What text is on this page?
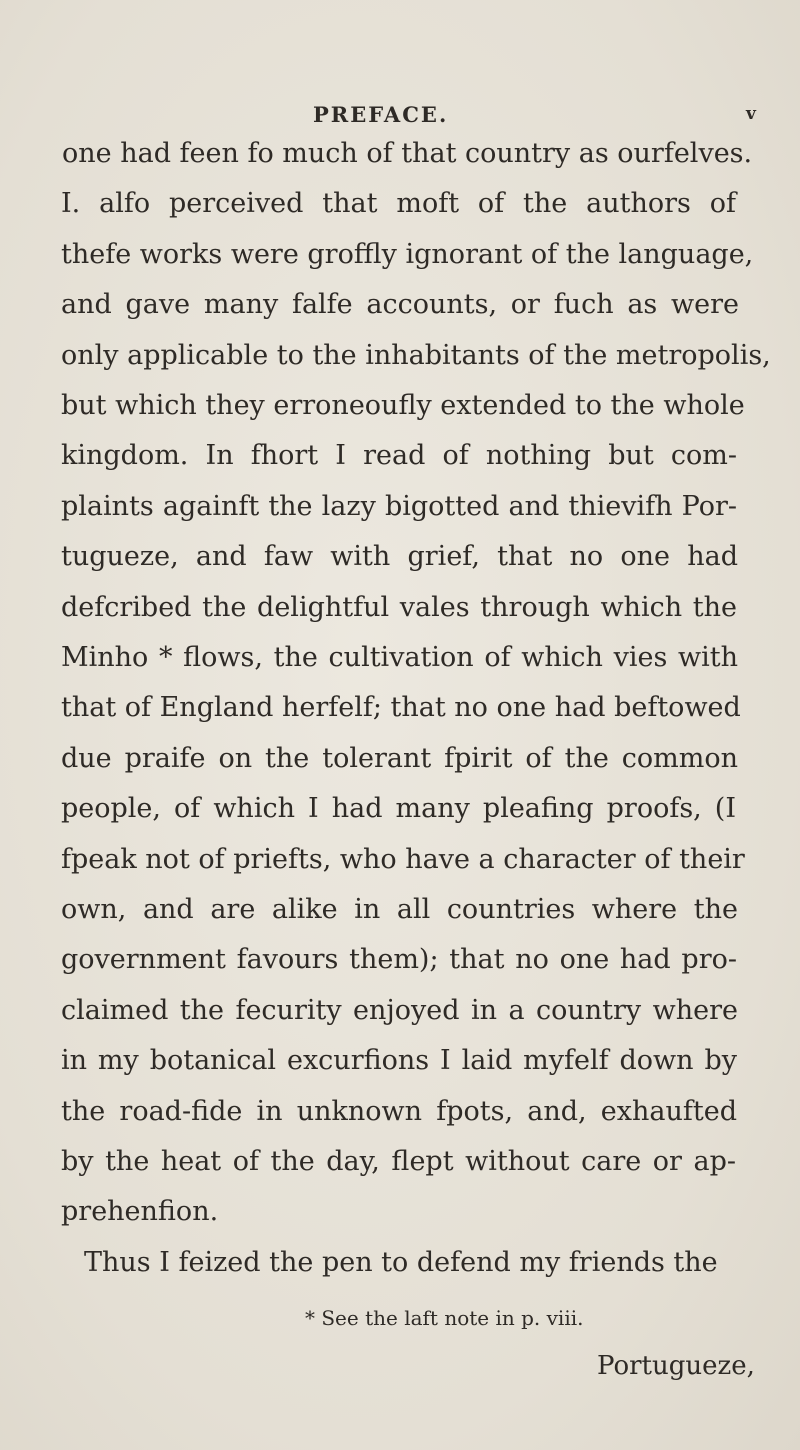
PREFACE.	v
one had feen fo much of that country as ourfelves.
I. alfo perceived that moft of the authors of
thefe works were groffly ignorant of the language,
and gave many falfe accounts, or fuch as were
only applicable to the inhabitants of the metropolis,
but which they erroneoufly extended to the whole
kingdom. In fhort I read of nothing but com-
plaints againft the lazy bigotted and thievifh Por-
tugueze, and faw with grief, that no one had
defcribed the delightful vales through which the
Minho * flows, the cultivation of which vies with
that of England herfelf; that no one had beftowed
due praife on the tolerant fpirit of the common
people, of which I had many pleafing proofs, (I
fpeak not of priefts, who have a character of their
own, and are alike in all countries where the
government favours them); that no one had pro-
claimed the fecurity enjoyed in a country where
in my botanical excurfions I laid myfelf down by
the road-fide in unknown fpots, and, exhaufted
by the heat of the day, flept without care or ap-
prehenfion.
Thus I feized the pen to defend my friends the
* See the laft note in p. viii.
Portugueze,
